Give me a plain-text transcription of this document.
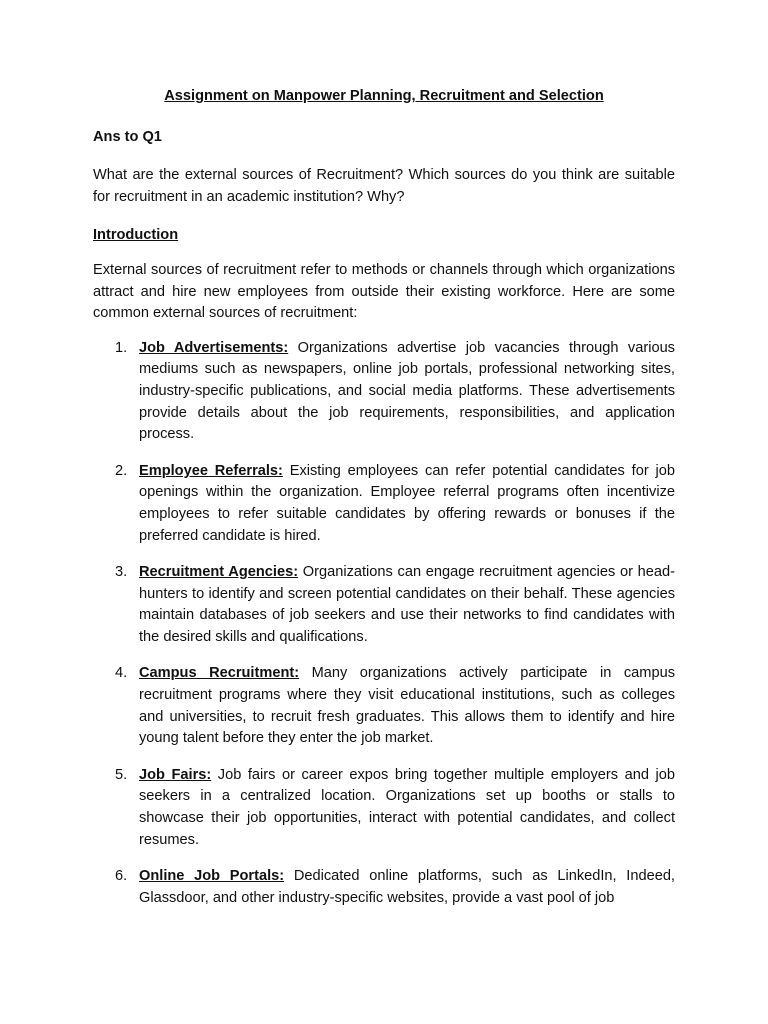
Assignment on Manpower Planning, Recruitment and Selection

Ans to Q1

What are the external sources of Recruitment? Which sources do you think are suitable for recruitment in an academic institution? Why?

Introduction

External sources of recruitment refer to methods or channels through which organizations attract and hire new employees from outside their existing workforce. Here are some common external sources of recruitment:

1. Job Advertisements: Organizations advertise job vacancies through various mediums such as newspapers, online job portals, professional networking sites, industry-specific publications, and social media platforms. These advertisements provide details about the job requirements, responsibilities, and application process.
2. Employee Referrals: Existing employees can refer potential candidates for job openings within the organization. Employee referral programs often incentivize employees to refer suitable candidates by offering rewards or bonuses if the preferred candidate is hired.
3. Recruitment Agencies: Organizations can engage recruitment agencies or head-hunters to identify and screen potential candidates on their behalf. These agencies maintain databases of job seekers and use their networks to find candidates with the desired skills and qualifications.
4. Campus Recruitment: Many organizations actively participate in campus recruitment programs where they visit educational institutions, such as colleges and universities, to recruit fresh graduates. This allows them to identify and hire young talent before they enter the job market.
5. Job Fairs: Job fairs or career expos bring together multiple employers and job seekers in a centralized location. Organizations set up booths or stalls to showcase their job opportunities, interact with potential candidates, and collect resumes.
6. Online Job Portals: Dedicated online platforms, such as LinkedIn, Indeed, Glassdoor, and other industry-specific websites, provide a vast pool of job
